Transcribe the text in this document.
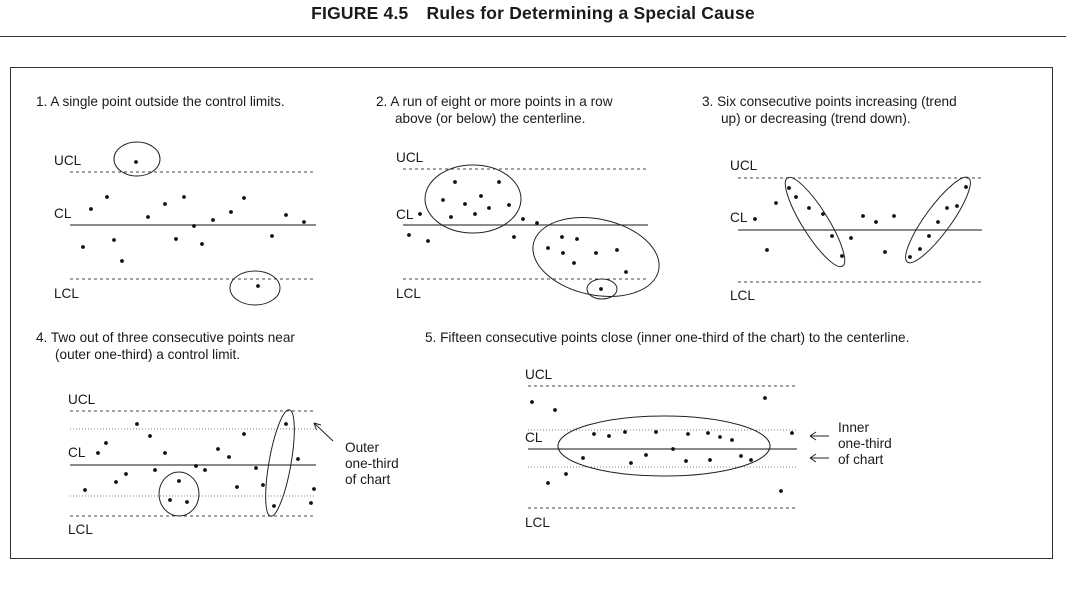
FIGURE 4.5 Rules for Determining a Special Cause
1. A single point outside the control limits.	2. A run of eight or more points in a row
above (or below) the centerline.
3. Six consecutive points increasing (trend
up) or decreasing (trend down).
4. Two out of three consecutive points near
(outer one-third) a control limit.
5. Fifteen consecutive points close (inner one-third of the chart) to the centerline.
UCL
CL
LCL
UCL
CL
LCL
UCL
CL
LCL
UCL
CL
LCL
Outer
one-third
of chart
UCL
CL
LCL
Inner
one-third
of chart
